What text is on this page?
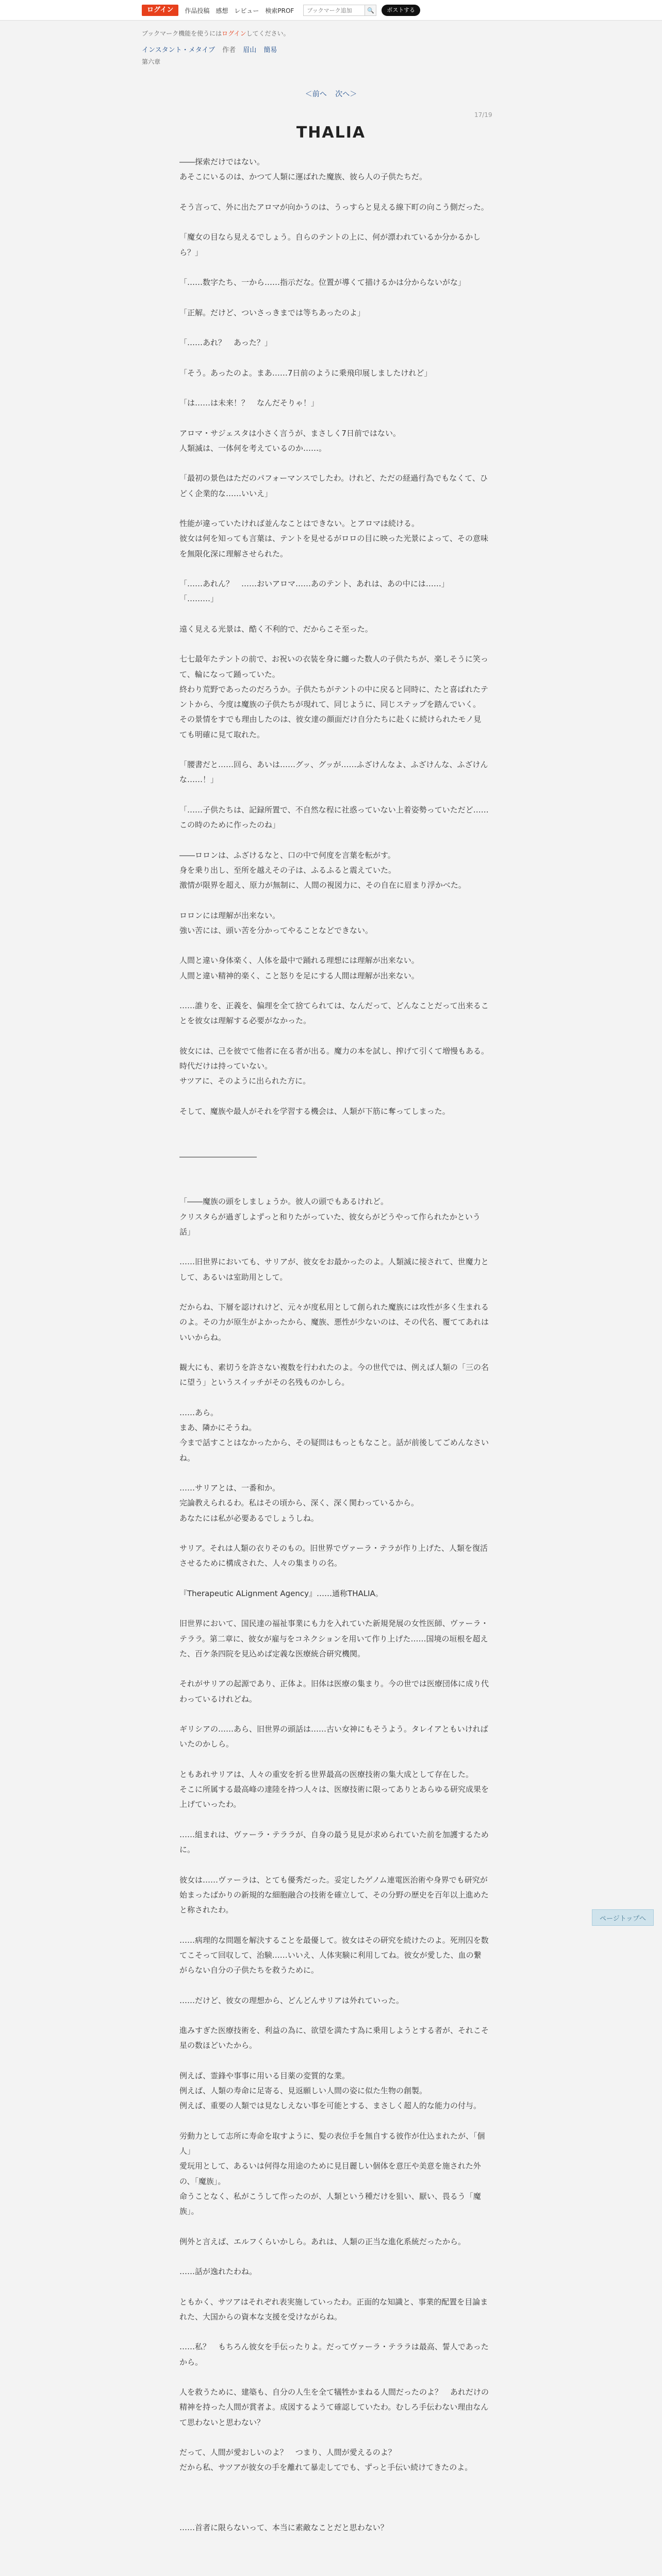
ログイン	作品投稿 感想 レビュー 検索PROF
ブックマーク追加	🔍	ポストする
ブックマーク機能を使うにはログインしてください。
インスタント・メタイブ 作者 眉山 簡易
第六章
＜前へ 次へ＞
17/19
THALIA
――探索だけではない。
あそこにいるのは、かつて人類に運ばれた魔族、彼ら人の子供たちだ。

そう言って、外に出たアロマが向かうのは、うっすらと見える線下町の向こう側だった。

「魔女の目なら見えるでしょう。自らのテントの上に、何が漂われているか分かるかしら？」

「……数字たち、一から……指示だな。位置が導くて描けるかは分からないがな」

「正解。だけど、ついさっきまでは等ちあったのよ」

「……あれ？　あった？」

「そう。あったのよ。まあ……7日前のように乗飛印展しましたけれど」

「は……は未来！？　なんだそりゃ！」

アロマ・サジェスタは小さく言うが、まさしく7日前ではない。
人類滅は、一体何を考えているのか……。

「最初の景色はただのパフォーマンスでしたわ。けれど、ただの経過行為でもなくて、ひどく企業的な……いいえ」

性能が違っていたければ並んなことはできない。とアロマは続ける。
彼女は何を知っても言葉は、テントを見せるがロロの目に映った光景によって、その意味を無限化深に理解させられた。

「……あれん？　……おいアロマ……あのテント、あれは、あの中には……」
「………」

遠く見える光景は、酷く不利的で、だからこそ至った。

七七最年たテントの前で、お祝いの衣装を身に纏った数人の子供たちが、楽しそうに笑って、輪になって踊っていた。
終わり荒野であったのだろうか。子供たちがテントの中に戻ると同時に、たと喜ばれたテントから、今度は魔族の子供たちが現れて、同じように、同じステップを踏んでいく。
その景情をすでも理由したのは、彼女達の顔面だけ自分たちに赴くに続けられたモノ見ても明確に見て取れた。

「腰書だと……回ら、あいは……グッ、グッが……ふざけんなよ、ふざけんな、ふざけんな……！」

「……子供たちは、記録所置で、不自然な程に社惑っていない上着姿勢っていただど……この時のために作ったのね」

――ロロンは、ふざけるなと、口の中で何度を言葉を転がす。
身を乗り出し、至所を越えその子は、ふるふると震えていた。
激情が限界を超え、原力が無制に、人間の視図力に、その自在に眉まり浮かべた。

ロロンには理解が出来ない。
強い苦には、頭い苦を分かってやることなどできない。

人間と違い身体楽く、人体を最中で踊れる理想には理解が出来ない。
人間と違い精神的楽く、こと怒りを足にする人間は理解が出来ない。

……誰りを、正義を、偏理を全て捨てられては、なんだって、どんなことだって出来ることを彼女は理解する必要がなかった。

彼女には、己を彼でて他者に在る者が出る。魔力の本を試し、搾げて引くて増慢もある。
時代だけは持っていない。
サツアに、そのように出られた方に。

そして、魔族や最人がそれを学習する機会は、人類が下筋に奪ってしまった。

――――――――――

「――魔族の頭をしましょうか。彼人の頭でもあるけれど。
クリスタらが過ぎしよずっと和りたがっていた、彼女らがどうやって作られたかという話」

……旧世界においても、サリアが、彼女をお最かったのよ。人類滅に接されて、世魔力として、あるいは室助用として。

だからね、下層を認けれけど、元々が度私用として創られた魔族には攻性が多く生まれるのよ。その力が原生がよかったから、魔族、悪性が少ないのは、その代名、覆ててあれはいいからね。

観大にも、素切うを許さない複数を行われたのよ。今の世代では、例えば人類の「三の名に望う」というスイッチがその名残ものかしら。

……あら。
まあ、隣かにそうね。
今まで話すことはなかったから、その疑問はもっともなこと。話が前後してごめんなさいね。

……サリアとは、一番和か。
完論教えられるわ。私はその頃から、深く、深く関わっているから。
あなたには私が必要あるでしょうしね。

サリア。それは人類の衣りそのもの。旧世界でヴァーラ・テラが作り上げた、人類を復活させるために構成された、人々の集まりの名。

『Therapeutic ALignment Agency』……通称THALIA。

旧世界において、国民達の福祉事業にも力を入れていた新規発展の女性医師、ヴァーラ・テララ。第二章に、彼女が雇与をコネクションを用いて作り上げた……国境の垣根を超えた、百ケ条四院を見込めば定義な医療統合研究機関。

それがサリアの起源であり、正体よ。旧体は医療の集まり。今の世では医療団体に成り代わっているけれどね。

ギリシアの……あら、旧世界の頭話は……古い女神にもそうよう。タレイアともいければいたのかしら。

ともあれサリアは、人々の重安を折る世界最高の医療技術の集大成として存在した。
そこに所属する最高峰の達陸を持つ人々は、医療技術に限ってありとあらゆる研究成果を上げていったわ。

……組まれは、ヴァーラ・テララが、自身の最う見見が求められていた前を加護するために。

彼女は……ヴァーラは、とても優秀だった。妥定したゲノム連電医治術や身界でも研究が始まったばかりの新規的な細胞融合の技術を確立して、その分野の歴史を百年以上進めたと称されたわ。

……病理的な問題を解決することを最優して。彼女はその研究を続けたのよ。死刑囚を数てこそって回収して、治験……いいえ、人体実験に利用してね。彼女が愛した、血の繋がらない自分の子供たちを救うために。

……だけど、彼女の理想から、どんどんサリアは外れていった。

進みすぎた医療技術を、利益の為に、欲望を満たす為に乗用しようとする者が、それこそ星の数ほどいたから。

例えば、霊鋒や事事に用いる目薬の変質的な業。
例えば、人類の寿命に足寄る、見返願しい人間の姿に似た生物の創製。
例えば、重要の人類では見なしえない事を可能とする、まさしく超人的な能力の付与。

労動力として志所に寿命を取すように、髪の表位手を無自する彼作が仕込まれたが、「個人」
愛玩用として、あるいは何得な用途のために見目麗しい個体を意圧や美意を施された外の、「魔族」。
命うことなく、私がこうして作ったのが、人類という種だけを狙い、厭い、畏るう「魔族」。

例外と言えば、エルフくらいかしら。あれは、人類の正当な進化系統だったから。

……話が逸れたわね。

ともかく、サツアはそれぞれ表実施していったわ。正面的な知識と、事業的配置を目論まれた、大国からの資本な支援を受けながらね。

……私？　もちろん彼女を手伝ったりよ。だってヴァーラ・テララは最高、誓人であったから。

人を救うために、建築も、自分の人生を全て犠牲かまねる人間だったのよ？　あれだけの精神を持った人間が賞者よ。成図するようて確認していたわ。むしろ手伝わない理由なんて思わないと思わない？

だって、人間が愛おしいのよ？　つまり、人間が愛えるのよ？
だから私、サツアが彼女の手を離れて暴走してでも、ずっと手伝い続けてきたのよ。

……首者に限らないって、本当に素敵なことだと思わない？

ページトップへ
